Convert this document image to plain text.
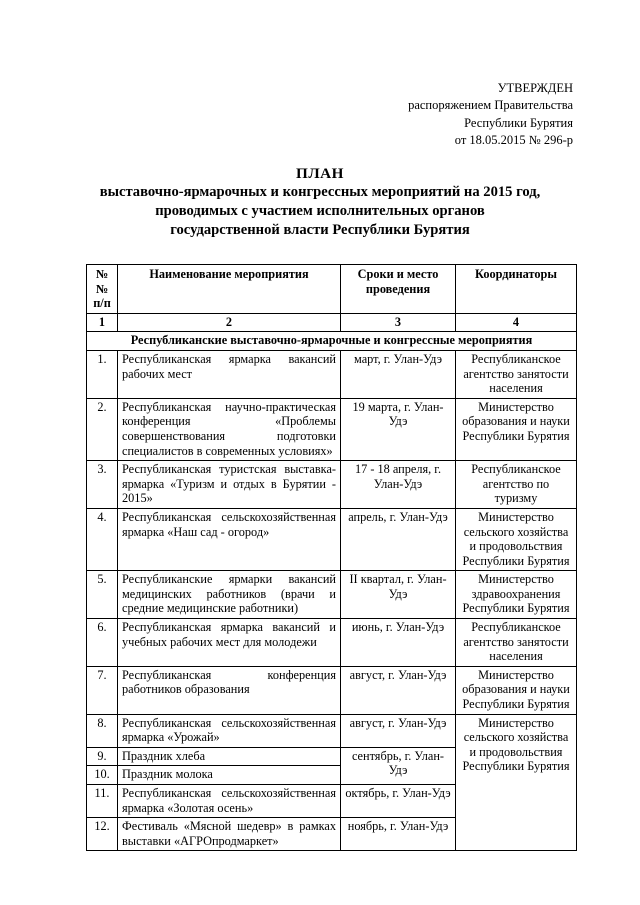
УТВЕРЖДЕН
распоряжением Правительства
Республики Бурятия
от 18.05.2015 № 296-р
ПЛАН
выставочно-ярмарочных и конгрессных мероприятий на 2015 год,
проводимых с участием исполнительных органов
государственной власти Республики Бурятия
№№ п/п	Наименование мероприятия	Сроки и место проведения	Координаторы
1	2	3	4
Республиканские выставочно-ярмарочные и конгрессные мероприятия			
1.	Республиканская ярмарка вакансий рабочих мест	март, г. Улан-Удэ	Республиканское агентство занятости населения
2.	Республиканская научно-практическая конференция «Проблемы совершенствования подготовки специалистов в современных условиях»	19 марта, г. Улан-Удэ	Министерство образования и науки Республики Бурятия
3.	Республиканская туристская выставка-ярмарка «Туризм и отдых в Бурятии - 2015»	17 - 18 апреля, г. Улан-Удэ	Республиканское агентство по туризму
4.	Республиканская сельскохозяйственная ярмарка «Наш сад - огород»	апрель, г. Улан-Удэ	Министерство сельского хозяйства и продовольствия Республики Бурятия
5.	Республиканские ярмарки вакансий медицинских работников (врачи и средние медицинские работники)	II квартал, г. Улан-Удэ	Министерство здравоохранения Республики Бурятия
6.	Республиканская ярмарка вакансий и учебных рабочих мест для молодежи	июнь, г. Улан-Удэ	Республиканское агентство занятости населения
7.	Республиканская конференция работников образования	август, г. Улан-Удэ	Министерство образования и науки Республики Бурятия
8.	Республиканская сельскохозяйственная ярмарка «Урожай»	август, г. Улан-Удэ	Министерство сельского хозяйства и продовольствия Республики Бурятия
9.	Праздник хлеба	сентябрь, г. Улан-Удэ	
10.	Праздник молока		
11.	Республиканская сельскохозяйственная ярмарка «Золотая осень»	октябрь, г. Улан-Удэ	
12.	Фестиваль «Мясной шедевр» в рамках выставки «АГРОпродмаркет»	ноябрь, г. Улан-Удэ	
